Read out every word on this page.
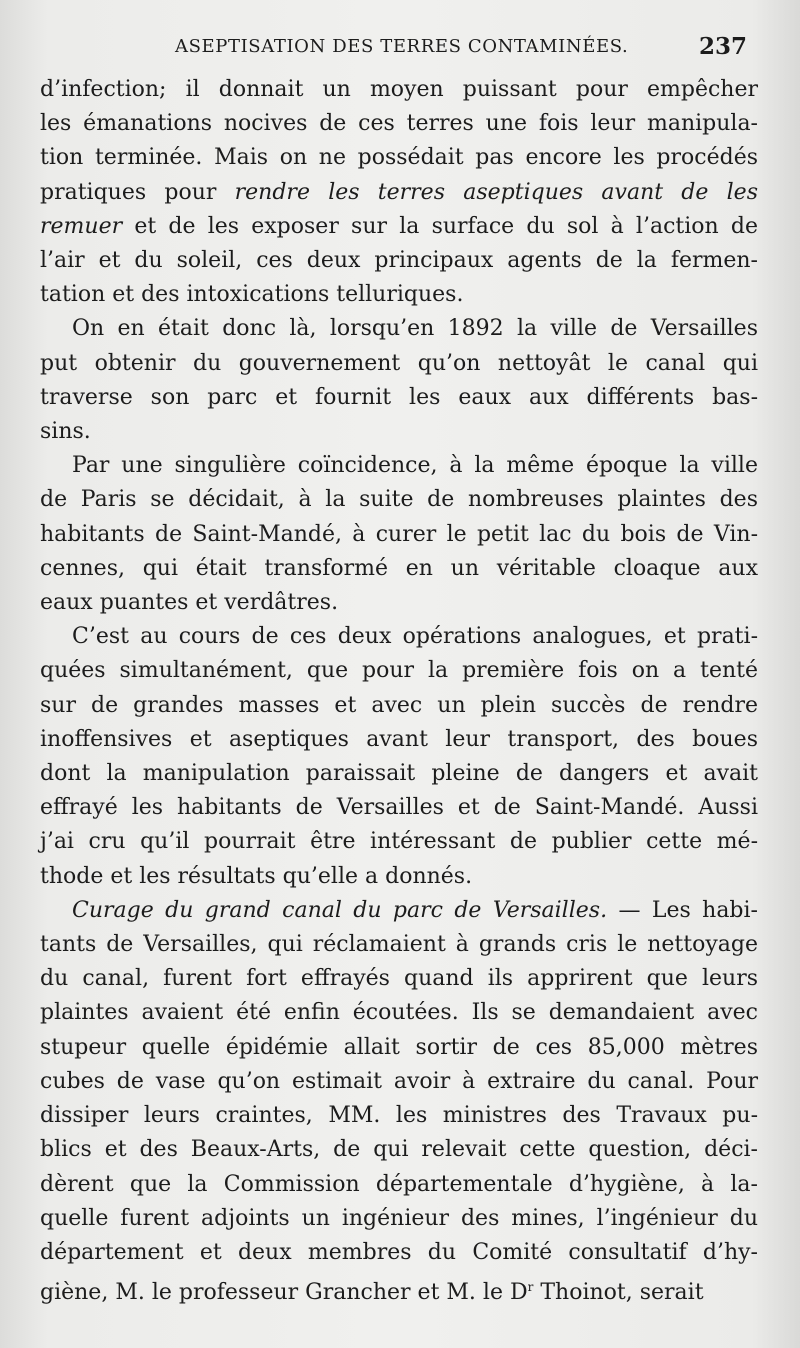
ASEPTISATION DES TERRES CONTAMINÉES.	237
d’infection; il donnait un moyen puissant pour empêcher
les émanations nocives de ces terres une fois leur manipula-
tion terminée. Mais on ne possédait pas encore les procédés
pratiques pour rendre les terres aseptiques avant de les
remuer et de les exposer sur la surface du sol à l’action de
l’air et du soleil, ces deux principaux agents de la fermen-
tation et des intoxications telluriques.
On en était donc là, lorsqu’en 1892 la ville de Versailles
put obtenir du gouvernement qu’on nettoyât le canal qui
traverse son parc et fournit les eaux aux différents bas-
sins.
Par une singulière coïncidence, à la même époque la ville
de Paris se décidait, à la suite de nombreuses plaintes des
habitants de Saint-Mandé, à curer le petit lac du bois de Vin-
cennes, qui était transformé en un véritable cloaque aux
eaux puantes et verdâtres.
C’est au cours de ces deux opérations analogues, et prati-
quées simultanément, que pour la première fois on a tenté
sur de grandes masses et avec un plein succès de rendre
inoffensives et aseptiques avant leur transport, des boues
dont la manipulation paraissait pleine de dangers et avait
effrayé les habitants de Versailles et de Saint-Mandé. Aussi
j’ai cru qu’il pourrait être intéressant de publier cette mé-
thode et les résultats qu’elle a donnés.
Curage du grand canal du parc de Versailles. — Les habi-
tants de Versailles, qui réclamaient à grands cris le nettoyage
du canal, furent fort effrayés quand ils apprirent que leurs
plaintes avaient été enfin écoutées. Ils se demandaient avec
stupeur quelle épidémie allait sortir de ces 85,000 mètres
cubes de vase qu’on estimait avoir à extraire du canal. Pour
dissiper leurs craintes, MM. les ministres des Travaux pu-
blics et des Beaux-Arts, de qui relevait cette question, déci-
dèrent que la Commission départementale d’hygiène, à la-
quelle furent adjoints un ingénieur des mines, l’ingénieur du
département et deux membres du Comité consultatif d’hy-
giène, M. le professeur Grancher et M. le $D^r$ Thoinot, serait
